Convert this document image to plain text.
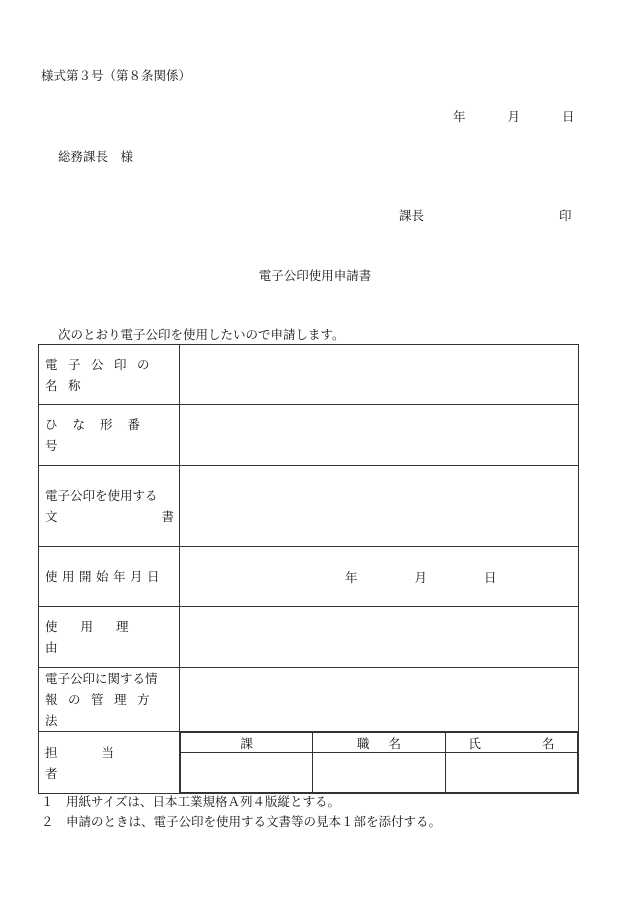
様式第３号（第８条関係）
年	月	日
総務課長　様
課長	印
電子公印使用申請書
次のとおり電子公印を使用したいので申請します。
電子公印の名称

ひな形番号	

電子公印を使用する
文	書

使用開始年月日	年	月	日

使用理由	

電子公印に関する情
報の管理方法

担当者	
課	職 名	氏	名

１　用紙サイズは、日本工業規格Ａ列４版縦とする。
２　申請のときは、電子公印を使用する文書等の見本１部を添付する。
